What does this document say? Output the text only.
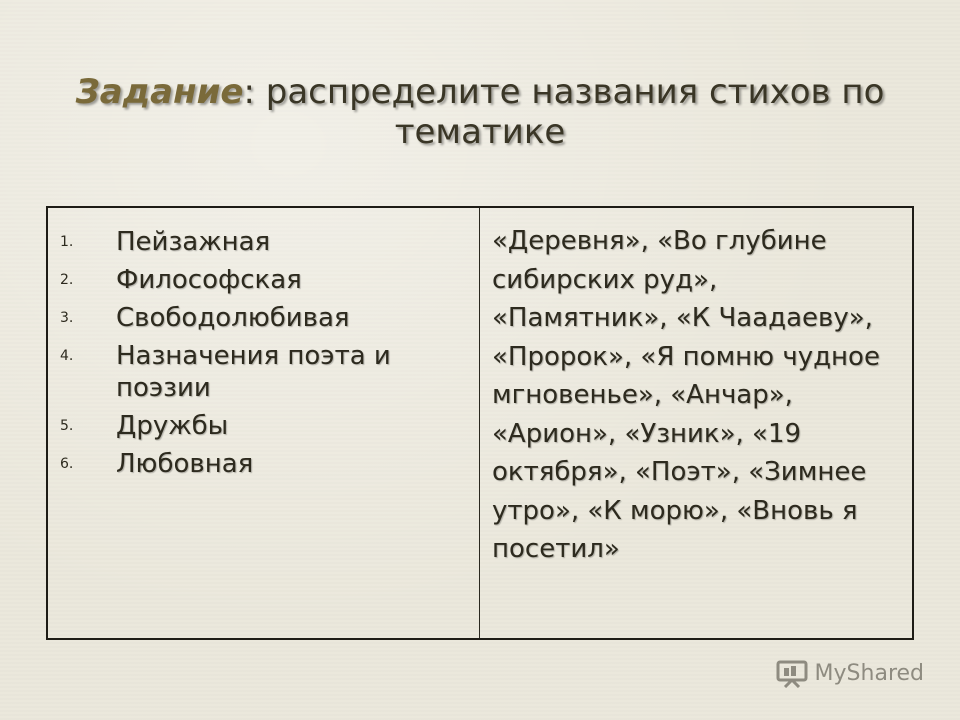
Задание: распределите названия стихов по тематике
1.	Пейзажная
2.	Философская
3.	Свободолюбивая
4.	Назначения поэта и поэзии
5.	Дружбы
6.	Любовная

«Деревня», «Во глубине сибирских руд», «Памятник», «К Чаадаеву», «Пророк», «Я помню чудное мгновенье», «Анчар», «Арион», «Узник», «19 октября», «Поэт», «Зимнее утро», «К морю», «Вновь я посетил»

MyShared
